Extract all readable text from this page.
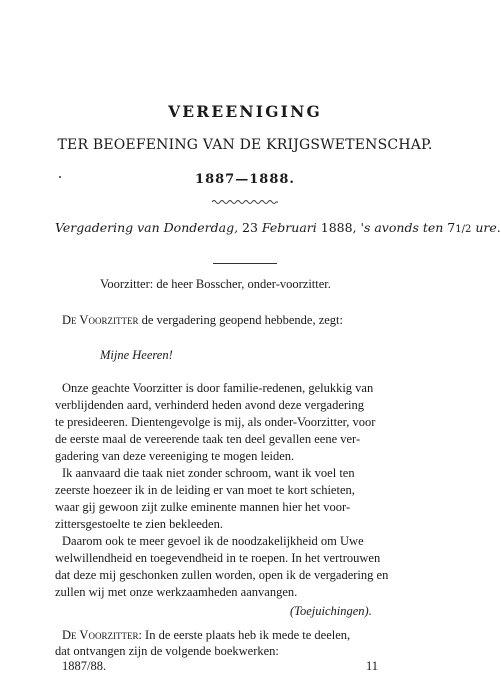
VEREENIGING
TER BEOEFENING VAN DE KRIJGSWETENSCHAP.
1887—1888.
Vergadering van Donderdag, 23 Februari 1888, 's avonds ten 71/2 ure.
Voorzitter: de heer Bosscher, onder-voorzitter.
De Voorzitter de vergadering geopend hebbende, zegt:
Mijne Heeren!
Onze geachte Voorzitter is door familie-redenen, gelukkig van
verblijdenden aard, verhinderd heden avond deze vergadering
te presideeren. Dientengevolge is mij, als onder-Voorzitter, voor
de eerste maal de vereerende taak ten deel gevallen eene ver-
gadering van deze vereeniging te mogen leiden.
Ik aanvaard die taak niet zonder schroom, want ik voel ten
zeerste hoezeer ik in de leiding er van moet te kort schieten,
waar gij gewoon zijt zulke eminente mannen hier het voor-
zittersgestoelte te zien bekleeden.
Daarom ook te meer gevoel ik de noodzakelijkheid om Uwe
welwillendheid en toegevendheid in te roepen. In het vertrouwen
dat deze mij geschonken zullen worden, open ik de vergadering en
zullen wij met onze werkzaamheden aanvangen.
(Toejuichingen).
De Voorzitter: In de eerste plaats heb ik mede te deelen,
dat ontvangen zijn de volgende boekwerken:
1887/88.	11
